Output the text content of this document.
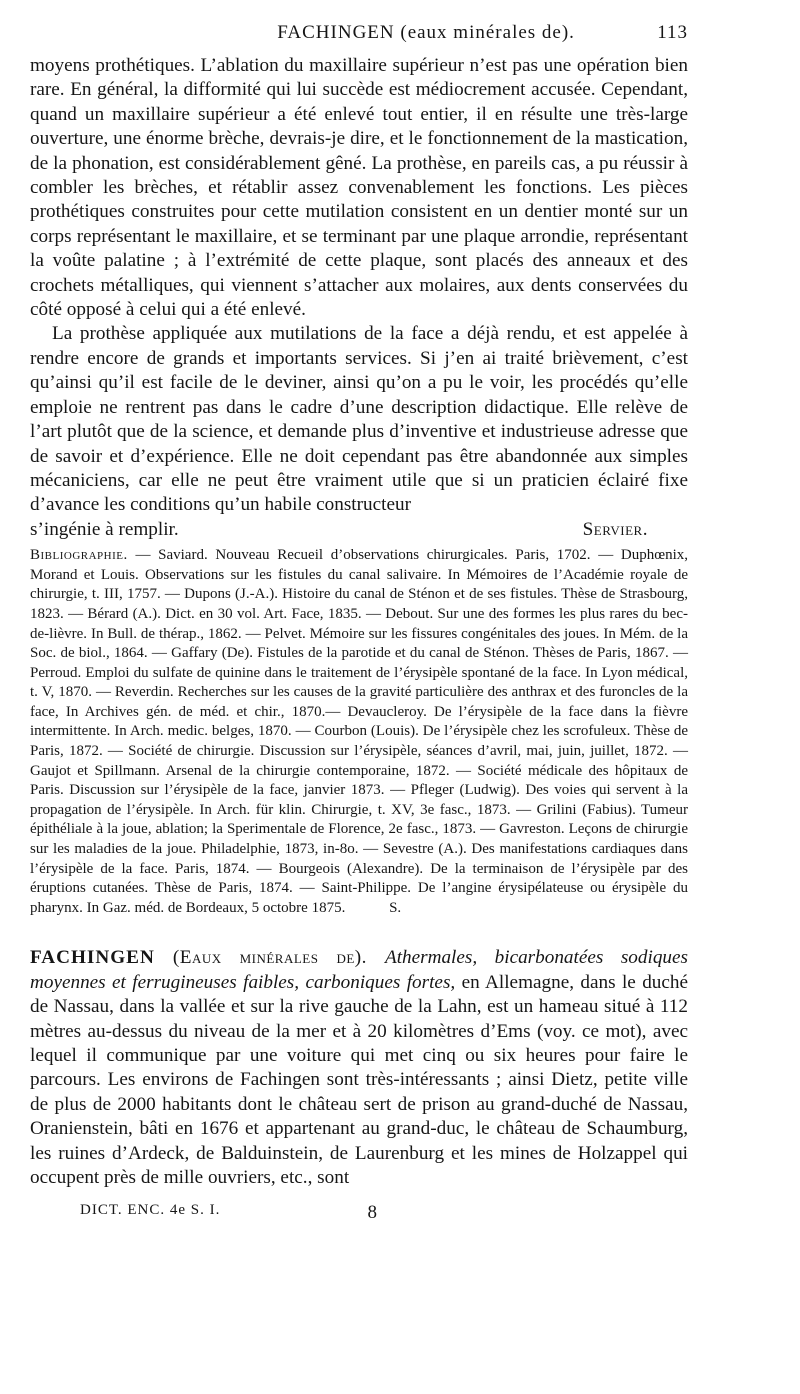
FACHINGEN (eaux minérales de).	113

moyens prothétiques. L’ablation du maxillaire supérieur n’est pas une opération bien rare. En général, la difformité qui lui succède est médiocrement accusée. Cependant, quand un maxillaire supérieur a été enlevé tout entier, il en résulte une très-large ouverture, une énorme brèche, devrais-je dire, et le fonctionnement de la mastication, de la phonation, est considérablement gêné. La prothèse, en pareils cas, a pu réussir à combler les brèches, et rétablir assez convenablement les fonctions. Les pièces prothétiques construites pour cette mutilation consistent en un dentier monté sur un corps représentant le maxillaire, et se terminant par une plaque arrondie, représentant la voûte palatine ; à l’extrémité de cette plaque, sont placés des anneaux et des crochets métalliques, qui viennent s’attacher aux molaires, aux dents conservées du côté opposé à celui qui a été enlevé.

La prothèse appliquée aux mutilations de la face a déjà rendu, et est appelée à rendre encore de grands et importants services. Si j’en ai traité brièvement, c’est qu’ainsi qu’il est facile de le deviner, ainsi qu’on a pu le voir, les procédés qu’elle emploie ne rentrent pas dans le cadre d’une description didactique. Elle relève de l’art plutôt que de la science, et demande plus d’inventive et industrieuse adresse que de savoir et d’expérience. Elle ne doit cependant pas être abandonnée aux simples mécaniciens, car elle ne peut être vraiment utile que si un praticien éclairé fixe d’avance les conditions qu’un habile constructeur

s’ingénie à remplir.	Servier.

Bibliographie. — Saviard. Nouveau Recueil d’observations chirurgicales. Paris, 1702. — Duphœnix, Morand et Louis. Observations sur les fistules du canal salivaire. In Mémoires de l’Académie royale de chirurgie, t. III, 1757. — Dupons (J.-A.). Histoire du canal de Sténon et de ses fistules. Thèse de Strasbourg, 1823. — Bérard (A.). Dict. en 30 vol. Art. Face, 1835. — Debout. Sur une des formes les plus rares du bec-de-lièvre. In Bull. de thérap., 1862. — Pelvet. Mémoire sur les fissures congénitales des joues. In Mém. de la Soc. de biol., 1864. — Gaffary (De). Fistules de la parotide et du canal de Sténon. Thèses de Paris, 1867. — Perroud. Emploi du sulfate de quinine dans le traitement de l’érysipèle spontané de la face. In Lyon médical, t. V, 1870. — Reverdin. Recherches sur les causes de la gravité particulière des anthrax et des furoncles de la face, In Archives gén. de méd. et chir., 1870.— Devaucleroy. De l’érysipèle de la face dans la fièvre intermittente. In Arch. medic. belges, 1870. — Courbon (Louis). De l’érysipèle chez les scrofuleux. Thèse de Paris, 1872. — Société de chirurgie. Discussion sur l’érysipèle, séances d’avril, mai, juin, juillet, 1872. — Gaujot et Spillmann. Arsenal de la chirurgie contemporaine, 1872. — Société médicale des hôpitaux de Paris. Discussion sur l’érysipèle de la face, janvier 1873. — Pfleger (Ludwig). Des voies qui servent à la propagation de l’érysipèle. In Arch. für klin. Chirurgie, t. XV, 3e fasc., 1873. — Grilini (Fabius). Tumeur épithéliale à la joue, ablation; la Sperimentale de Florence, 2e fasc., 1873. — Gavreston. Leçons de chirurgie sur les maladies de la joue. Philadelphie, 1873, in-8o. — Sevestre (A.). Des manifestations cardiaques dans l’érysipèle de la face. Paris, 1874. — Bourgeois (Alexandre). De la terminaison de l’érysipèle par des éruptions cutanées. Thèse de Paris, 1874. — Saint-Philippe. De l’angine érysipélateuse ou érysipèle du pharynx. In Gaz. méd. de Bordeaux, 5 octobre 1875.	S.

FACHINGEN (Eaux minérales de). Athermales, bicarbonatées sodiques moyennes et ferrugineuses faibles, carboniques fortes, en Allemagne, dans le duché de Nassau, dans la vallée et sur la rive gauche de la Lahn, est un hameau situé à 112 mètres au-dessus du niveau de la mer et à 20 kilomètres d’Ems (voy. ce mot), avec lequel il communique par une voiture qui met cinq ou six heures pour faire le parcours. Les environs de Fachingen sont très-intéressants ; ainsi Dietz, petite ville de plus de 2000 habitants dont le château sert de prison au grand-duché de Nassau, Oranienstein, bâti en 1676 et appartenant au grand-duc, le château de Schaumburg, les ruines d’Ardeck, de Balduinstein, de Laurenburg et les mines de Holzappel qui occupent près de mille ouvriers, etc., sont

DICT. ENC. 4e S. I.	8
